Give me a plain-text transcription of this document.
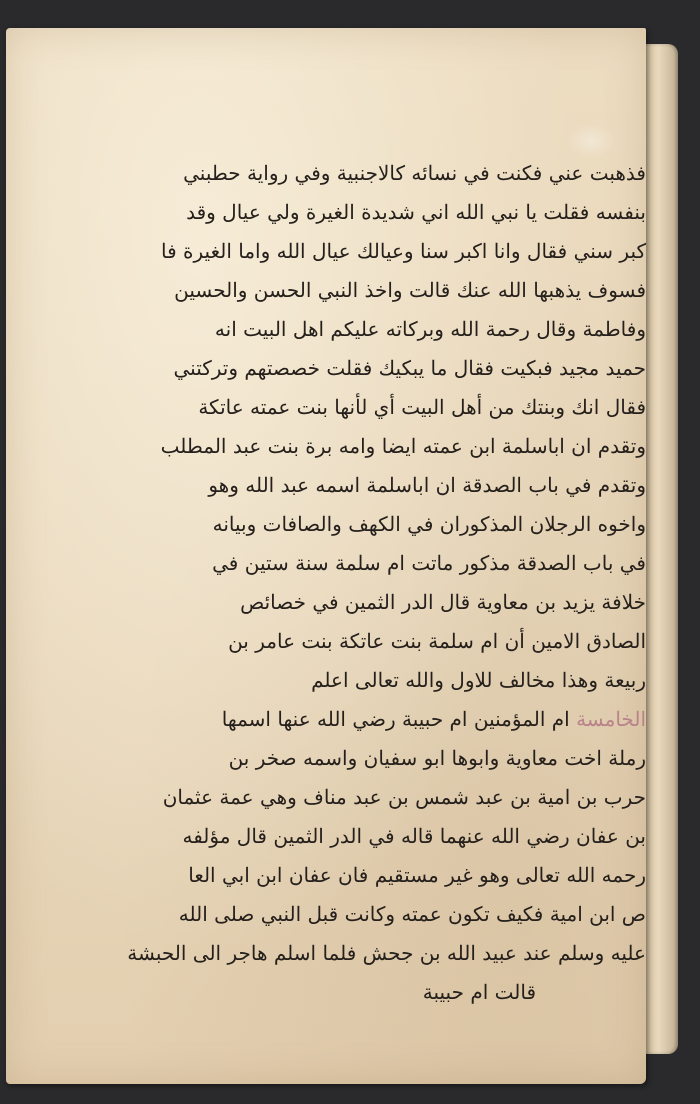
فذهبت عني فكنت في نسائه كالاجنبية وفي رواية حطبني
بنفسه فقلت يا نبي الله اني شديدة الغيرة ولي عيال وقد
كبر سني فقال وانا اكبر سنا وعيالك عيال الله واما الغيرة فا
فسوف يذهبها الله عنك قالت واخذ النبي الحسن والحسين
وفاطمة وقال رحمة الله وبركاته عليكم اهل البيت انه
حميد مجيد فبكيت فقال ما يبكيك فقلت خصصتهم وتركتني
فقال انك وبنتك من أهل البيت أي لأنها بنت عمته عاتكة
وتقدم ان اباسلمة ابن عمته ايضا وامه برة بنت عبد المطلب
وتقدم في باب الصدقة ان اباسلمة اسمه عبد الله وهو
واخوه الرجلان المذكوران في الكهف والصافات وبيانه
في باب الصدقة مذكور ماتت ام سلمة سنة ستين في
خلافة يزيد بن معاوية قال الدر الثمين في خصائص
الصادق الامين أن ام سلمة بنت عاتكة بنت عامر بن
ربيعة وهذا مخالف للاول والله تعالى اعلم
الخامسة ام المؤمنين ام حبيبة رضي الله عنها اسمها
رملة اخت معاوية وابوها ابو سفيان واسمه صخر بن
حرب بن امية بن عبد شمس بن عبد مناف وهي عمة عثمان
بن عفان رضي الله عنهما قاله في الدر الثمين قال مؤلفه
رحمه الله تعالى وهو غير مستقيم فان عفان ابن ابي العا
ص ابن امية فكيف تكون عمته وكانت قبل النبي صلى الله
عليه وسلم عند عبيد الله بن جحش فلما اسلم هاجر الى الحبشة
قالت ام حبيبة
